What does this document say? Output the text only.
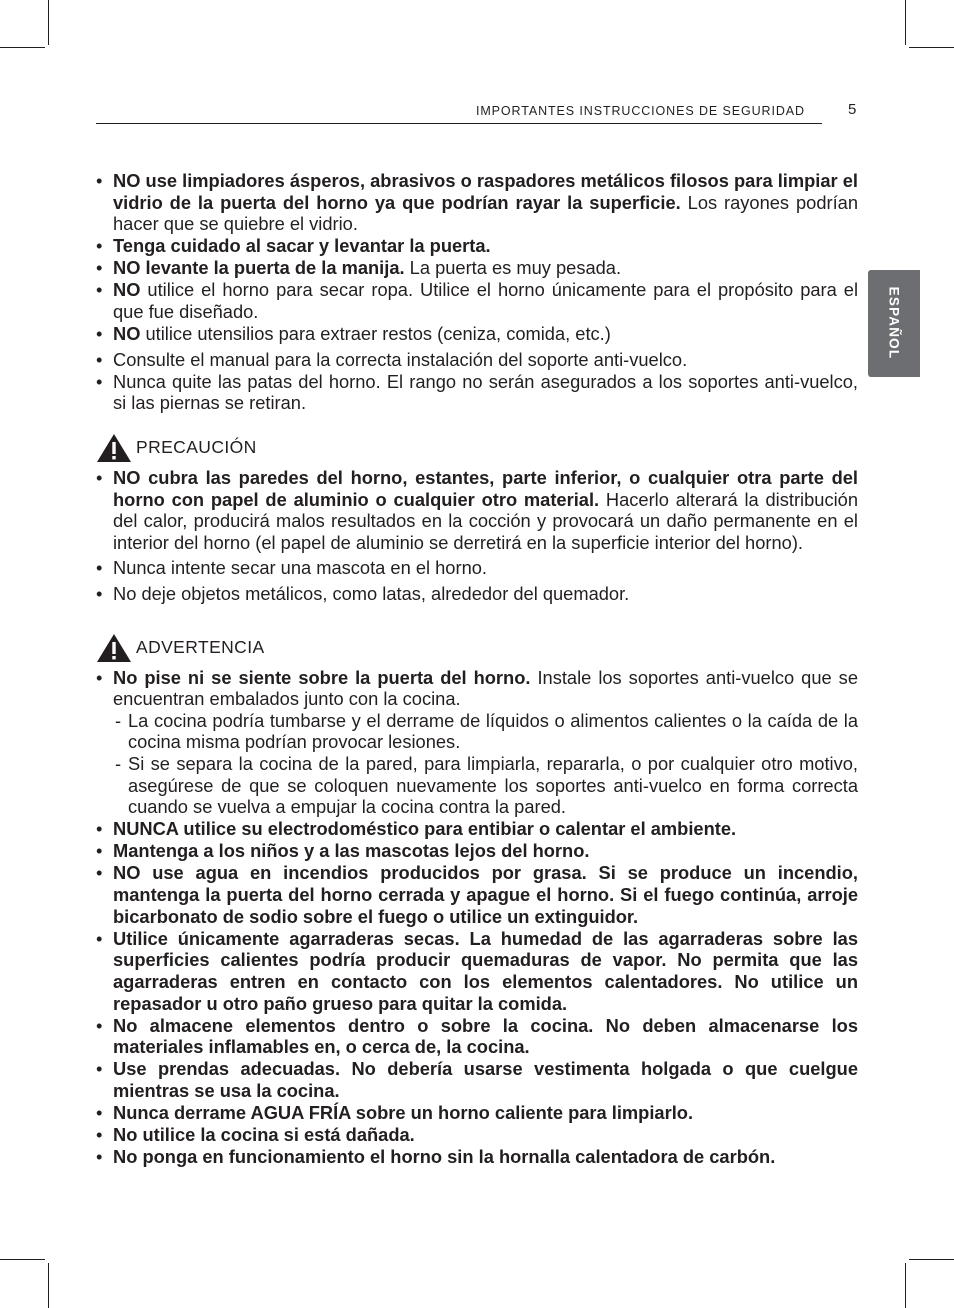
IMPORTANTES INSTRUCCIONES DE SEGURIDAD	5
ESPAÑOL
• NO use limpiadores ásperos, abrasivos o raspadores metálicos filosos para limpiar el vidrio de la puerta del horno ya que podrían rayar la superficie. Los rayones podrían hacer que se quiebre el vidrio.
• Tenga cuidado al sacar y levantar la puerta.
• NO levante la puerta de la manija. La puerta es muy pesada.
• NO utilice el horno para secar ropa. Utilice el horno únicamente para el propósito para el que fue diseñado.
• NO utilice utensilios para extraer restos (ceniza, comida, etc.)
• Consulte el manual para la correcta instalación del soporte anti-vuelco.
• Nunca quite las patas del horno. El rango no serán asegurados a los soportes anti-vuelco, si las piernas se retiran.
PRECAUCIÓN
• NO cubra las paredes del horno, estantes, parte inferior, o cualquier otra parte del horno con papel de aluminio o cualquier otro material. Hacerlo alterará la distribución del calor, producirá malos resultados en la cocción y provocará un daño permanente en el interior del horno (el papel de aluminio se derretirá en la superficie interior del horno).
• Nunca intente secar una mascota en el horno.
• No deje objetos metálicos, como latas, alrededor del quemador.
ADVERTENCIA
• No pise ni se siente sobre la puerta del horno. Instale los soportes anti-vuelco que se encuentran embalados junto con la cocina.
- La cocina podría tumbarse y el derrame de líquidos o alimentos calientes o la caída de la cocina misma podrían provocar lesiones.
- Si se separa la cocina de la pared, para limpiarla, repararla, o por cualquier otro motivo, asegúrese de que se coloquen nuevamente los soportes anti-vuelco en forma correcta cuando se vuelva a empujar la cocina contra la pared.
• NUNCA utilice su electrodoméstico para entibiar o calentar el ambiente.
• Mantenga a los niños y a las mascotas lejos del horno.
• NO use agua en incendios producidos por grasa. Si se produce un incendio, mantenga la puerta del horno cerrada y apague el horno. Si el fuego continúa, arroje bicarbonato de sodio sobre el fuego o utilice un extinguidor.
• Utilice únicamente agarraderas secas. La humedad de las agarraderas sobre las superficies calientes podría producir quemaduras de vapor. No permita que las agarraderas entren en contacto con los elementos calentadores. No utilice un repasador u otro paño grueso para quitar la comida.
• No almacene elementos dentro o sobre la cocina. No deben almacenarse los materiales inflamables en, o cerca de, la cocina.
• Use prendas adecuadas. No debería usarse vestimenta holgada o que cuelgue mientras se usa la cocina.
• Nunca derrame AGUA FRÍA sobre un horno caliente para limpiarlo.
• No utilice la cocina si está dañada.
• No ponga en funcionamiento el horno sin la hornalla calentadora de carbón.
